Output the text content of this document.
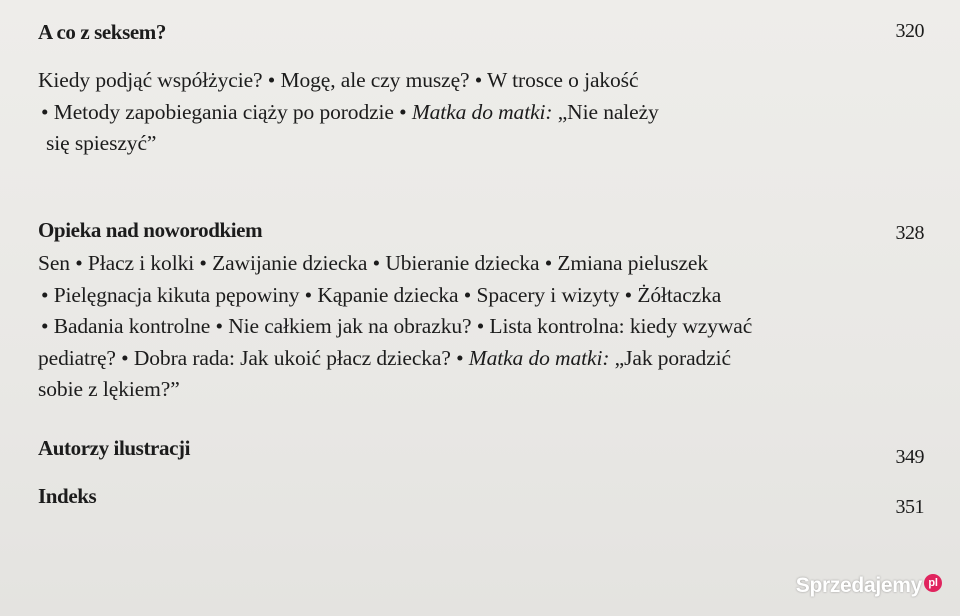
A co z seksem?	320
Kiedy podjąć współżycie? • Mogę, ale czy muszę? • W trosce o jakość
• Metody zapobiegania ciąży po porodzie • Matka do matki: „Nie należy
się spieszyć”
Opieka nad noworodkiem	328
Sen • Płacz i kolki • Zawijanie dziecka • Ubieranie dziecka • Zmiana pieluszek
• Pielęgnacja kikuta pępowiny • Kąpanie dziecka • Spacery i wizyty • Żółtaczka
• Badania kontrolne • Nie całkiem jak na obrazku? • Lista kontrolna: kiedy wzywać
pediatrę? • Dobra rada: Jak ukoić płacz dziecka? • Matka do matki: „Jak poradzić
sobie z lękiem?”
Autorzy ilustracji	349
Indeks	351
Sprzedajemy pl
